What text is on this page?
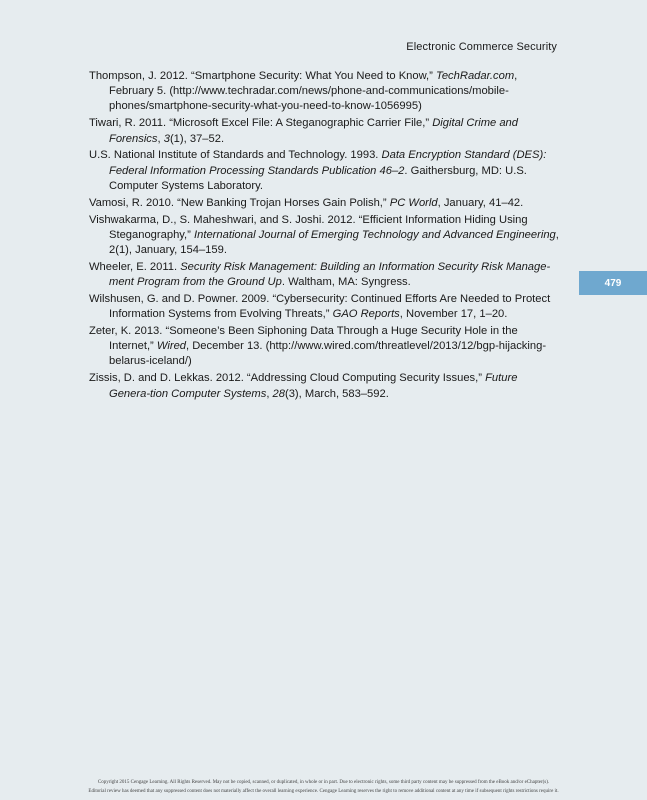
Electronic Commerce Security

Thompson, J. 2012. “Smartphone Security: What You Need to Know,” TechRadar.com, February 5. (http://www.techradar.com/news/phone-and-communications/mobile-phones/smartphone-security-what-you-need-to-know-1056995)

Tiwari, R. 2011. “Microsoft Excel File: A Steganographic Carrier File,” Digital Crime and Forensics, 3(1), 37–52.

U.S. National Institute of Standards and Technology. 1993. Data Encryption Standard (DES): Federal Information Processing Standards Publication 46–2. Gaithersburg, MD: U.S. Computer Systems Laboratory.

Vamosi, R. 2010. “New Banking Trojan Horses Gain Polish,” PC World, January, 41–42.

Vishwakarma, D., S. Maheshwari, and S. Joshi. 2012. “Efficient Information Hiding Using Steganography,” International Journal of Emerging Technology and Advanced Engineering, 2(1), January, 154–159.

Wheeler, E. 2011. Security Risk Management: Building an Information Security Risk Manage-ment Program from the Ground Up. Waltham, MA: Syngress.

Wilshusen, G. and D. Powner. 2009. “Cybersecurity: Continued Efforts Are Needed to Protect Information Systems from Evolving Threats,” GAO Reports, November 17, 1–20.

Zeter, K. 2013. “Someone’s Been Siphoning Data Through a Huge Security Hole in the Internet,” Wired, December 13. (http://www.wired.com/threatlevel/2013/12/bgp-hijacking-belarus-iceland/)

Zissis, D. and D. Lekkas. 2012. “Addressing Cloud Computing Security Issues,” Future Genera-tion Computer Systems, 28(3), March, 583–592.

479
Copyright 2015 Cengage Learning. All Rights Reserved. May not be copied, scanned, or duplicated, in whole or in part. Due to electronic rights, some third party content may be suppressed from the eBook and/or eChapter(s).
Editorial review has deemed that any suppressed content does not materially affect the overall learning experience. Cengage Learning reserves the right to remove additional content at any time if subsequent rights restrictions require it.
